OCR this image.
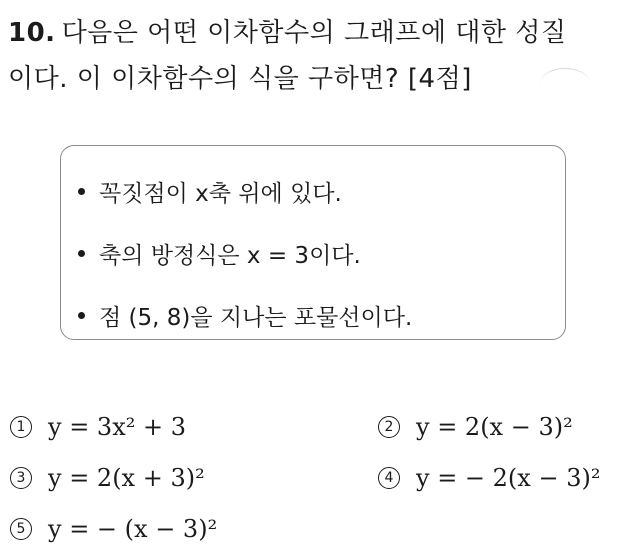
10. 다음은 어떤 이차함수의 그래프에 대한 성질
이다. 이 이차함수의 식을 구하면? [4점]
꼭짓점이 x축 위에 있다.
축의 방정식은 x = 3이다.
점 (5, 8)을 지나는 포물선이다.
1 y = 3x² + 3	2 y = 2(x − 3)²
3 y = 2(x + 3)²	4 y = − 2(x − 3)²
5 y = − (x − 3)²
